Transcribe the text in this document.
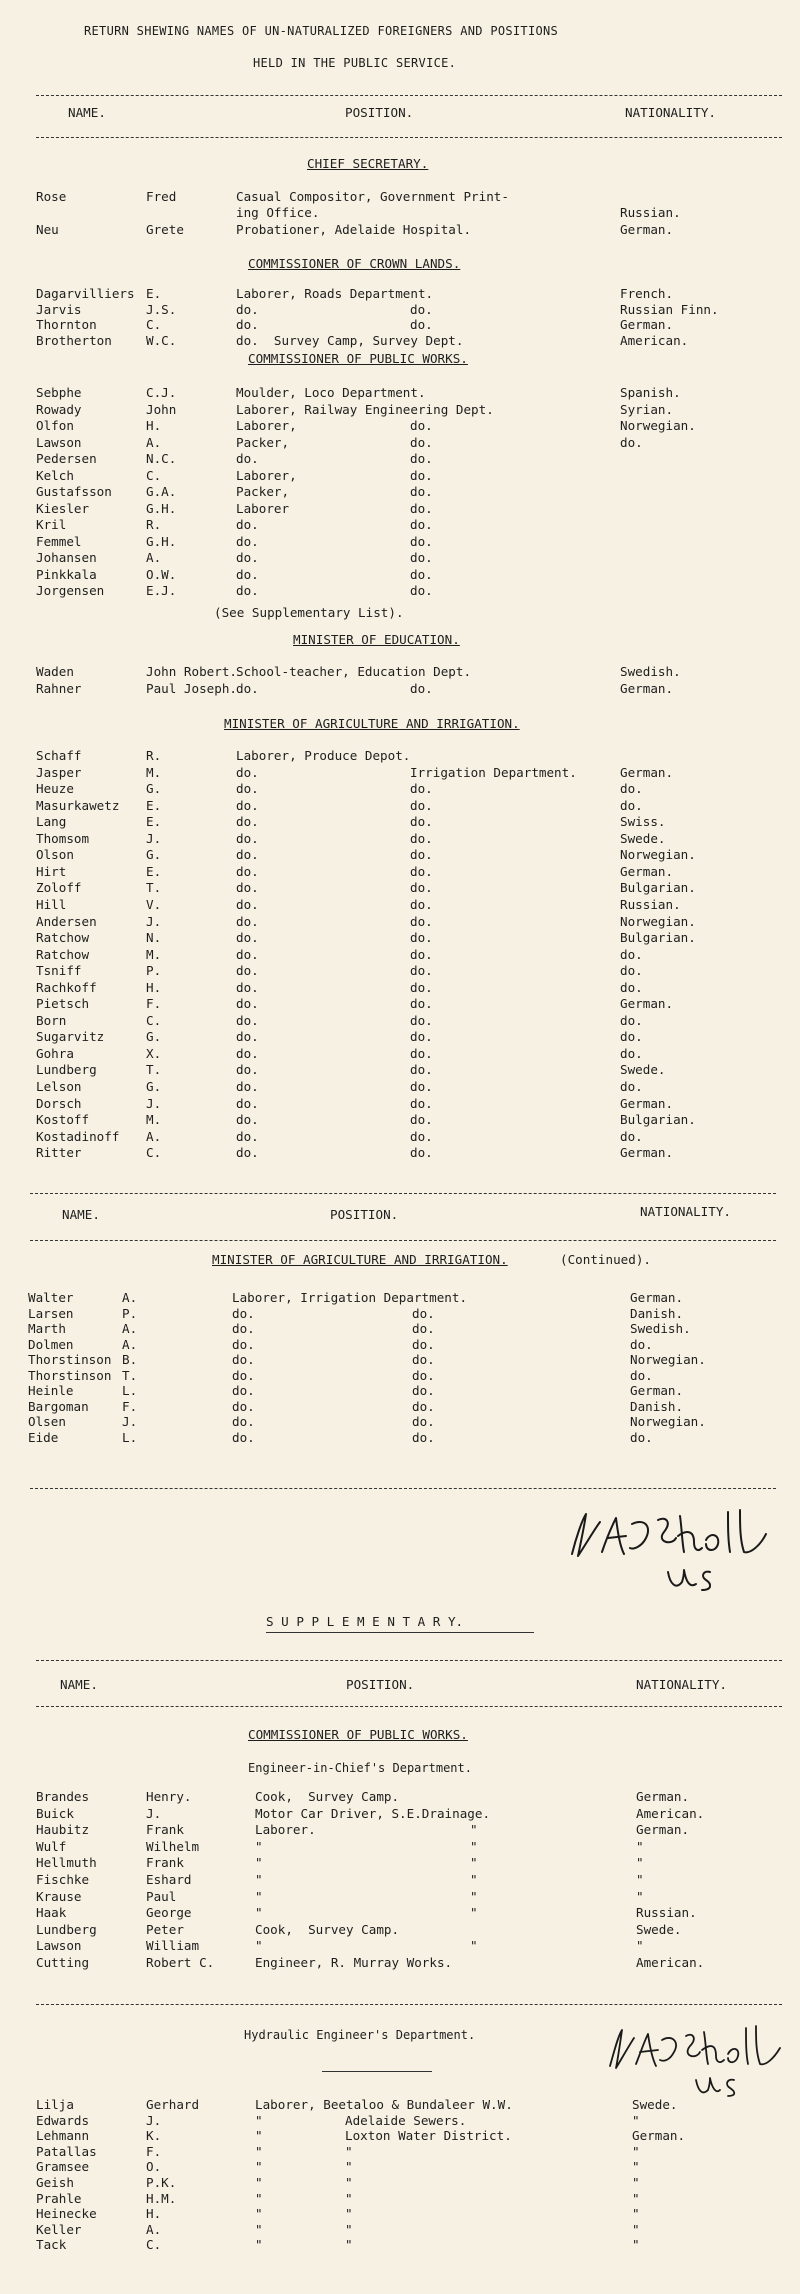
RETURN SHEWING NAMES OF UN-NATURALIZED FOREIGNERS AND POSITIONS
HELD IN THE PUBLIC SERVICE.
NAME.	POSITION.	NATIONALITY.
CHIEF SECRETARY.
Rose	Fred	Casual Compositor, Government Print-
ing Office.	Russian.
Neu	Grete	Probationer, Adelaide Hospital.	German.
COMMISSIONER OF CROWN LANDS.
Dagarvilliers E.	Laborer, Roads Department.	French.
Jarvis	J.S.	do.	do.	Russian Finn.
Thornton	C.	do.	do.	German.
Brotherton	W.C.	do.  Survey Camp, Survey Dept.	American.
COMMISSIONER OF PUBLIC WORKS.
Sebphe	C.J.	Moulder, Loco Department.	Spanish.
Rowady	John	Laborer, Railway Engineering Dept.	Syrian.
Olfon	H.	Laborer,	do.	Norwegian.
Lawson	A.	Packer,	do.	do.
Pedersen	N.C.	do.	do.
Kelch	C.	Laborer,	do.
Gustafsson	G.A.	Packer,	do.
Kiesler	G.H.	Laborer	do.
Kril	R.	do.	do.
Femmel	G.H.	do.	do.
Johansen	A.	do.	do.
Pinkkala	O.W.	do.	do.
Jorgensen	E.J.	do.	do.
(See Supplementary List).
MINISTER OF EDUCATION.
Waden	John Robert. School-teacher, Education Dept.	Swedish.
Rahner	Paul Joseph. do.	do.	German.
MINISTER OF AGRICULTURE AND IRRIGATION.
Schaff	R.	Laborer, Produce Depot.
Jasper	M.	do.	Irrigation Department.	German.
Heuze	G.	do.	do.	do.
Masurkawetz E.	do.	do.	do.
Lang	E.	do.	do.	Swiss.
Thomsom	J.	do.	do.	Swede.
Olson	G.	do.	do.	Norwegian.
Hirt	E.	do.	do.	German.
Zoloff	T.	do.	do.	Bulgarian.
Hill	V.	do.	do.	Russian.
Andersen	J.	do.	do.	Norwegian.
Ratchow	N.	do.	do.	Bulgarian.
Ratchow	M.	do.	do.	do.
Tsniff	P.	do.	do.	do.
Rachkoff	H.	do.	do.	do.
Pietsch	F.	do.	do.	German.
Born	C.	do.	do.	do.
Sugarvitz	G.	do.	do.	do.
Gohra	X.	do.	do.	do.
Lundberg	T.	do.	do.	Swede.
Lelson	G.	do.	do.	do.
Dorsch	J.	do.	do.	German.
Kostoff	M.	do.	do.	Bulgarian.
Kostadinoff A.	do.	do.	do.
Ritter	C.	do.	do.	German.
NAME.	POSITION.	NATIONALITY.
MINISTER OF AGRICULTURE AND IRRIGATION.	(Continued).
Walter	A.	Laborer, Irrigation Department.	German.
Larsen	P.	do.	do.	Danish.
Marth	A.	do.	do.	Swedish.
Dolmen	A.	do.	do.	do.
Thorstinson B.	do.	do.	Norwegian.
Thorstinson T.	do.	do.	do.
Heinle	L.	do.	do.	German.
Bargoman	F.	do.	do.	Danish.
Olsen	J.	do.	do.	Norwegian.
Eide	L.	do.	do.	do.
S U P P L E M E N T A R Y.
NAME.	POSITION.	NATIONALITY.
COMMISSIONER OF PUBLIC WORKS.
Engineer-in-Chief's Department.
Brandes	Henry.	Cook,  Survey Camp.	German.
Buick	J.	Motor Car Driver, S.E.Drainage.	American.
Haubitz	Frank	Laborer.	"	German.
Wulf	Wilhelm	"	"	"
Hellmuth	Frank	"	"	"
Fischke	Eshard	"	"	"
Krause	Paul	"	"	"
Haak	George	"	"	Russian.
Lundberg	Peter	Cook,  Survey Camp.	Swede.
Lawson	William	"	"	"
Cutting	Robert C.	Engineer, R. Murray Works.	American.
Hydraulic Engineer's Department.
Lilja	Gerhard	Laborer, Beetaloo & Bundaleer W.W.	Swede.
Edwards	J.	"	Adelaide Sewers.	"
Lehmann	K.	"	Loxton Water District.	German.
Patallas	F.	"	"	"
Gramsee	O.	"	"	"
Geish	P.K.	"	"	"
Prahle	H.M.	"	"	"
Heinecke	H.	"	"	"
Keller	A.	"	"	"
Tack	C.	"	"	"
